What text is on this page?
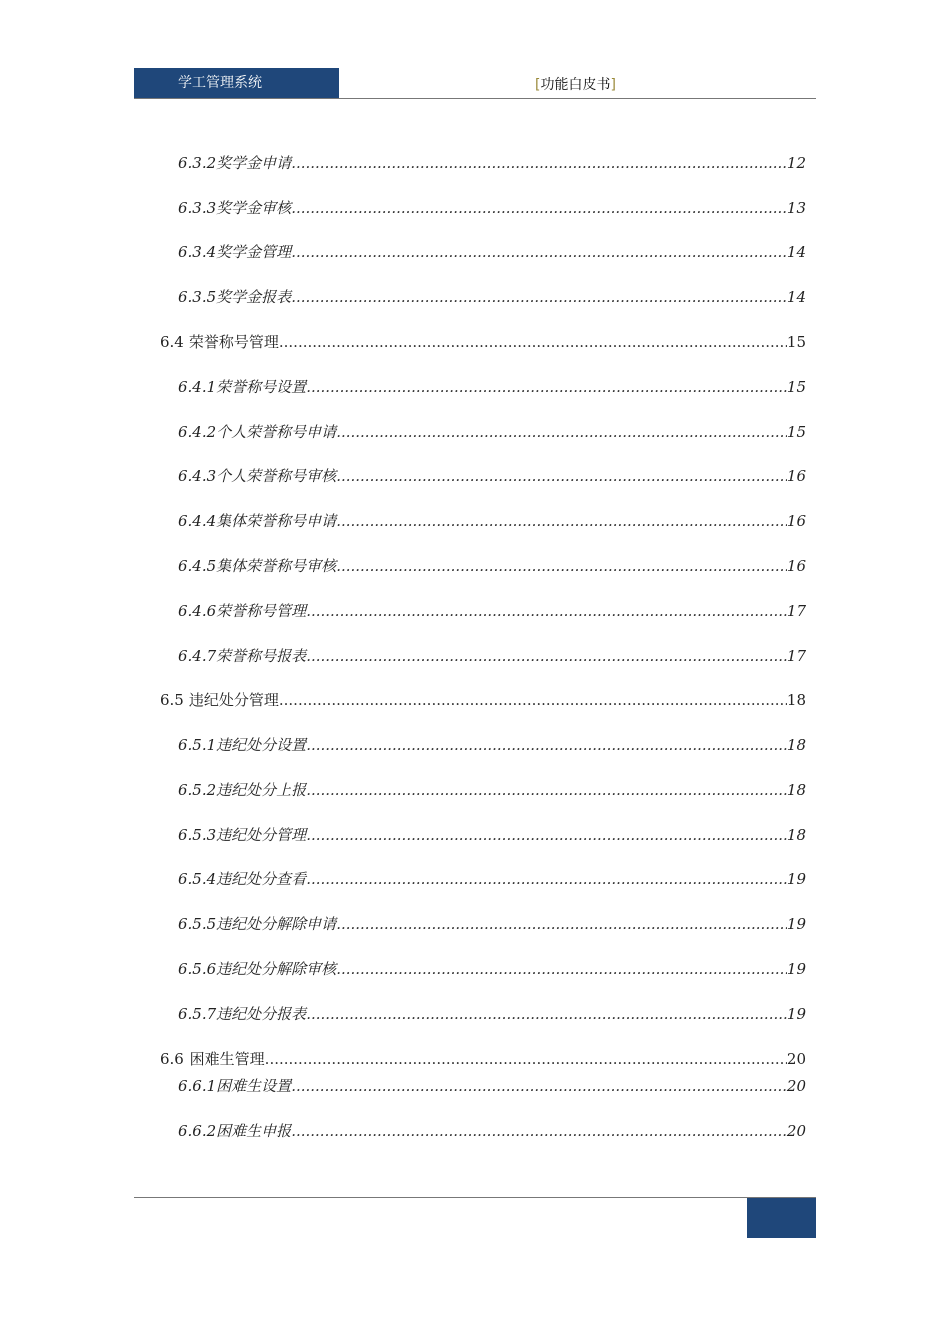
学工管理系统	[功能白皮书]
6.3.2 奖学金申请 .....	12
6.3.3 奖学金审核 .....	13
6.3.4 奖学金管理 .....	14
6.3.5 奖学金报表 .....	14
6.4 荣誉称号管理 .....	15
6.4.1 荣誉称号设置 .....	15
6.4.2 个人荣誉称号申请 .....	15
6.4.3 个人荣誉称号审核 .....	16
6.4.4 集体荣誉称号申请 .....	16
6.4.5 集体荣誉称号审核 .....	16
6.4.6 荣誉称号管理 .....	17
6.4.7 荣誉称号报表 .....	17
6.5 违纪处分管理 .....	18
6.5.1 违纪处分设置 .....	18
6.5.2 违纪处分上报 .....	18
6.5.3 违纪处分管理 .....	18
6.5.4 违纪处分查看 .....	19
6.5.5 违纪处分解除申请 .....	19
6.5.6 违纪处分解除审核 .....	19
6.5.7 违纪处分报表 .....	19
6.6 困难生管理 .....	20
6.6.1 困难生设置 .....	20
6.6.2 困难生申报 .....	20
